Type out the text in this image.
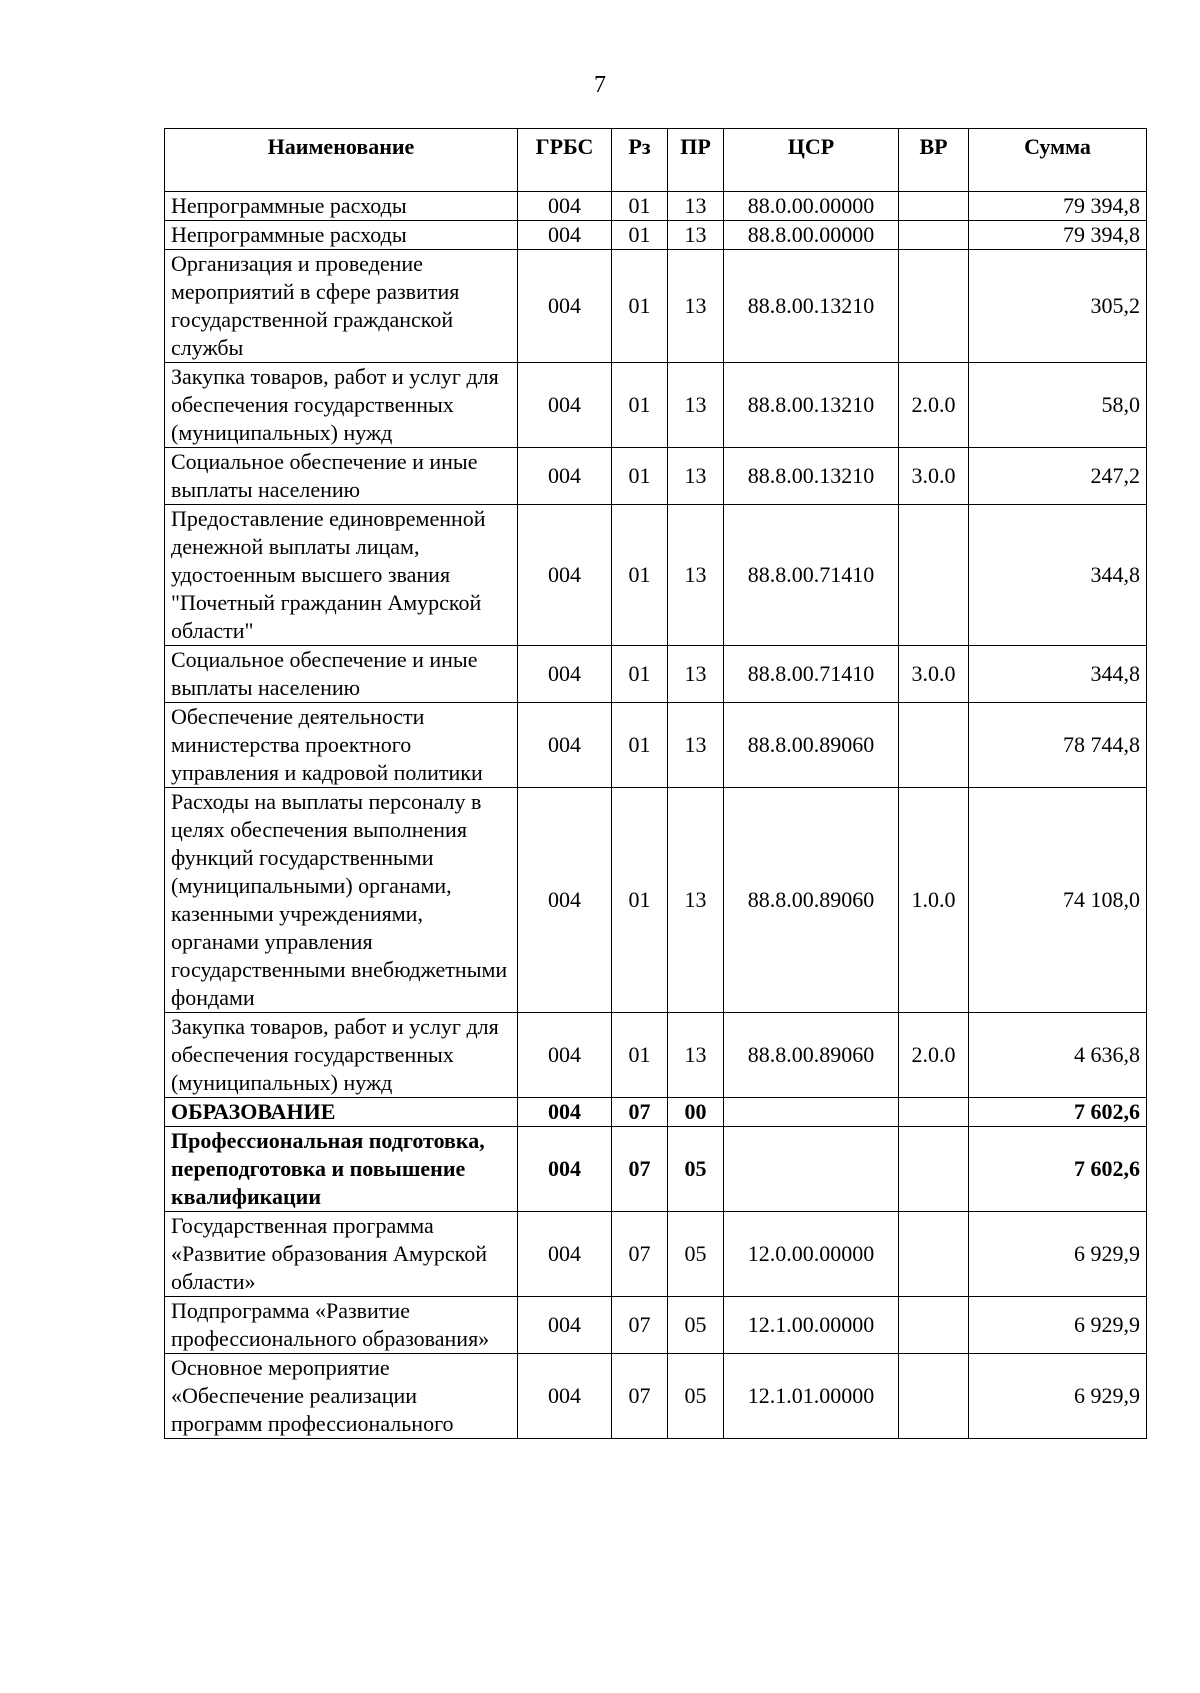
7
Наименование	ГРБС	Рз	ПР	ЦСР	ВР	Сумма
Непрограммные расходы	004	01	13	88.0.00.00000		79 394,8
Непрограммные расходы	004	01	13	88.8.00.00000		79 394,8
Организация и проведение мероприятий в сфере развития государственной гражданской службы	004	01	13	88.8.00.13210		305,2
Закупка товаров, работ и услуг для обеспечения государственных (муниципальных) нужд	004	01	13	88.8.00.13210	2.0.0	58,0
Социальное обеспечение и иные выплаты населению	004	01	13	88.8.00.13210	3.0.0	247,2
Предоставление единовременной денежной выплаты лицам, удостоенным высшего звания "Почетный гражданин Амурской области"	004	01	13	88.8.00.71410		344,8
Социальное обеспечение и иные выплаты населению	004	01	13	88.8.00.71410	3.0.0	344,8
Обеспечение деятельности министерства проектного управления и кадровой политики	004	01	13	88.8.00.89060		78 744,8
Расходы на выплаты персоналу в целях обеспечения выполнения функций государственными (муниципальными) органами, казенными учреждениями, органами управления государственными внебюджетными фондами	004	01	13	88.8.00.89060	1.0.0	74 108,0
Закупка товаров, работ и услуг для обеспечения государственных (муниципальных) нужд	004	01	13	88.8.00.89060	2.0.0	4 636,8
ОБРАЗОВАНИЕ	004	07	00			7 602,6
Профессиональная подготовка, переподготовка и повышение квалификации	004	07	05			7 602,6
Государственная программа «Развитие образования Амурской области»	004	07	05	12.0.00.00000		6 929,9
Подпрограмма «Развитие профессионального образования»	004	07	05	12.1.00.00000		6 929,9
Основное мероприятие «Обеспечение реализации программ профессионального	004	07	05	12.1.01.00000		6 929,9
